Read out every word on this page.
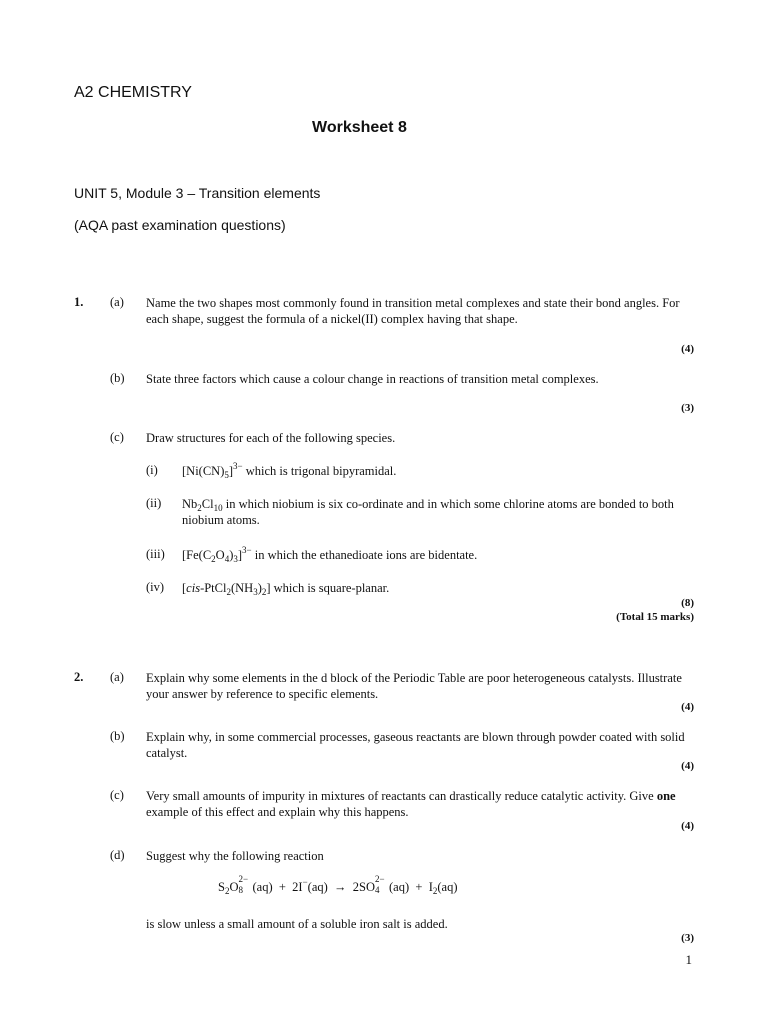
A2 CHEMISTRY
Worksheet 8
UNIT 5, Module 3 – Transition elements
(AQA past examination questions)
1. (a) Name the two shapes most commonly found in transition metal complexes and state their bond angles. For each shape, suggest the formula of a nickel(II) complex having that shape.
(4)
(b) State three factors which cause a colour change in reactions of transition metal complexes.
(3)
(c) Draw structures for each of the following species.
(i) $[Ni(CN)_5]^{3-}$ which is trigonal bipyramidal.
(ii) $Nb_2Cl_{10}$ in which niobium is six co-ordinate and in which some chlorine atoms are bonded to both niobium atoms.
(iii) $[Fe(C_2O_4)_3]^{3-}$ in which the ethanedioate ions are bidentate.
(iv) $[cis-PtCl_2(NH_3)_2]$ which is square-planar.
(8)
(Total 15 marks)
2. (a) Explain why some elements in the d block of the Periodic Table are poor heterogeneous catalysts. Illustrate your answer by reference to specific elements.
(4)
(b) Explain why, in some commercial processes, gaseous reactants are blown through powder coated with solid catalyst.
(4)
(c) Very small amounts of impurity in mixtures of reactants can drastically reduce catalytic activity. Give one example of this effect and explain why this happens.
(4)
(d) Suggest why the following reaction
$S_2O$
2−
8 (aq)  +  2I−(aq)  →  2SO
2−
4 $(aq) + I_2(aq)$
is slow unless a small amount of a soluble iron salt is added.
(3)
1
